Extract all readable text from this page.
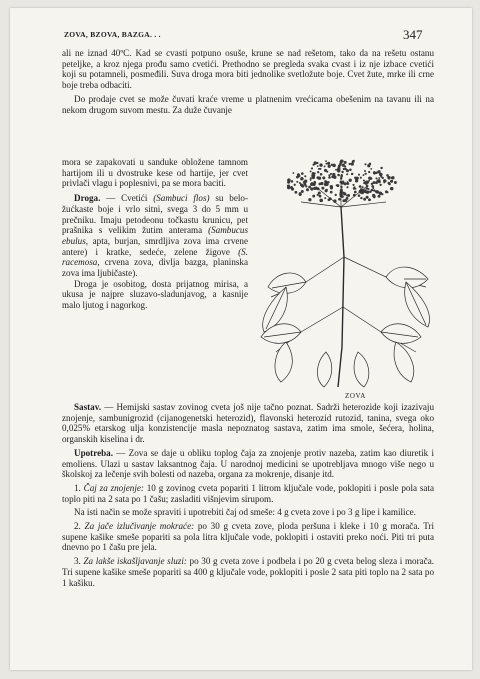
ZOVA, BZOVA, BAZGA. . .	347

ali ne iznad 40ºC. Kad se cvasti potpuno osuše, krune se nad rešetom, tako da na rešetu ostanu peteljke, a kroz njega prođu samo cvetići. Prethodno se pregleda svaka cvast i iz nje izbace cvetići koji su potamneli, posmeđili. Suva droga mora biti jednolike svetložute boje. Cvet žute, mrke ili crne boje treba odbaciti.

Do prodaje cvet se može čuvati kraće vreme u platnenim vrećicama obešenim na tavanu ili na nekom drugom suvom mestu. Za duže čuvanje

mora se zapakovati u sanduke obložene tamnom hartijom ili u dvostruke kese od hartije, jer cvet privlači vlagu i poplesnivi, pa se mora baciti.

Droga. — Cvetići (Sambuci flos) su belo-žućkaste boje i vrlo sitni, svega 3 do 5 mm u prečniku. Imaju petodeonu točkastu krunicu, pet prašnika s velikim žutim anterama (Sambucus ebulus, apta, burjan, smrdljiva zova ima crvene antere) i kratke, sedeće, zelene žigove (S. racemosa, crvena zova, divlja bazga, planinska zova ima ljubičaste).

Droga je osobitog, dosta prijatnog mirisa, a ukusa je najpre sluzavo-sladunjavog, a kasnije malo ljutog i nagorkog.

ZOVA

Sastav. — Hemijski sastav zovinog cveta još nije tačno poznat. Sadrži heterozide koji izazivaju znojenje, sambunigrozid (cijanogenetski heterozid), flavonski heterozid rutozid, tanina, svega oko 0,025% etarskog ulja konzistencije masla nepoznatog sastava, zatim ima smole, šećera, holina, organskih kiselina i dr.

Upotreba. — Zova se daje u obliku toplog čaja za znojenje protiv nazeba, zatim kao diuretik i emoliens. Ulazi u sastav laksantnog čaja. U narodnoj medicini se upotrebljava mnogo više nego u školskoj za lečenje svih bolesti od nazeba, organa za mokrenje, disanje itd.

1. Čaj za znojenje: 10 g zovinog cveta popariti 1 litrom ključale vode, poklopiti i posle pola sata toplo piti na 2 sata po 1 čašu; zasladiti višnjevim sirupom.

Na isti način se može spraviti i upotrebiti čaj od smeše: 4 g cveta zove i po 3 g lipe i kamilice.

2. Za jače izlučivanje mokraće: po 30 g cveta zove, ploda peršuna i kleke i 10 g morača. Tri supene kašike smeše popariti sa pola litra ključale vode, poklopiti i ostaviti preko noći. Piti tri puta dnevno po 1 čašu pre jela.

3. Za lakše iskašljavanje sluzi: po 30 g cveta zove i podbela i po 20 g cveta belog sleza i morača. Tri supene kašike smeše popariti sa 400 g ključale vode, poklopiti i posle 2 sata piti toplo na 2 sata po 1 kašiku.
